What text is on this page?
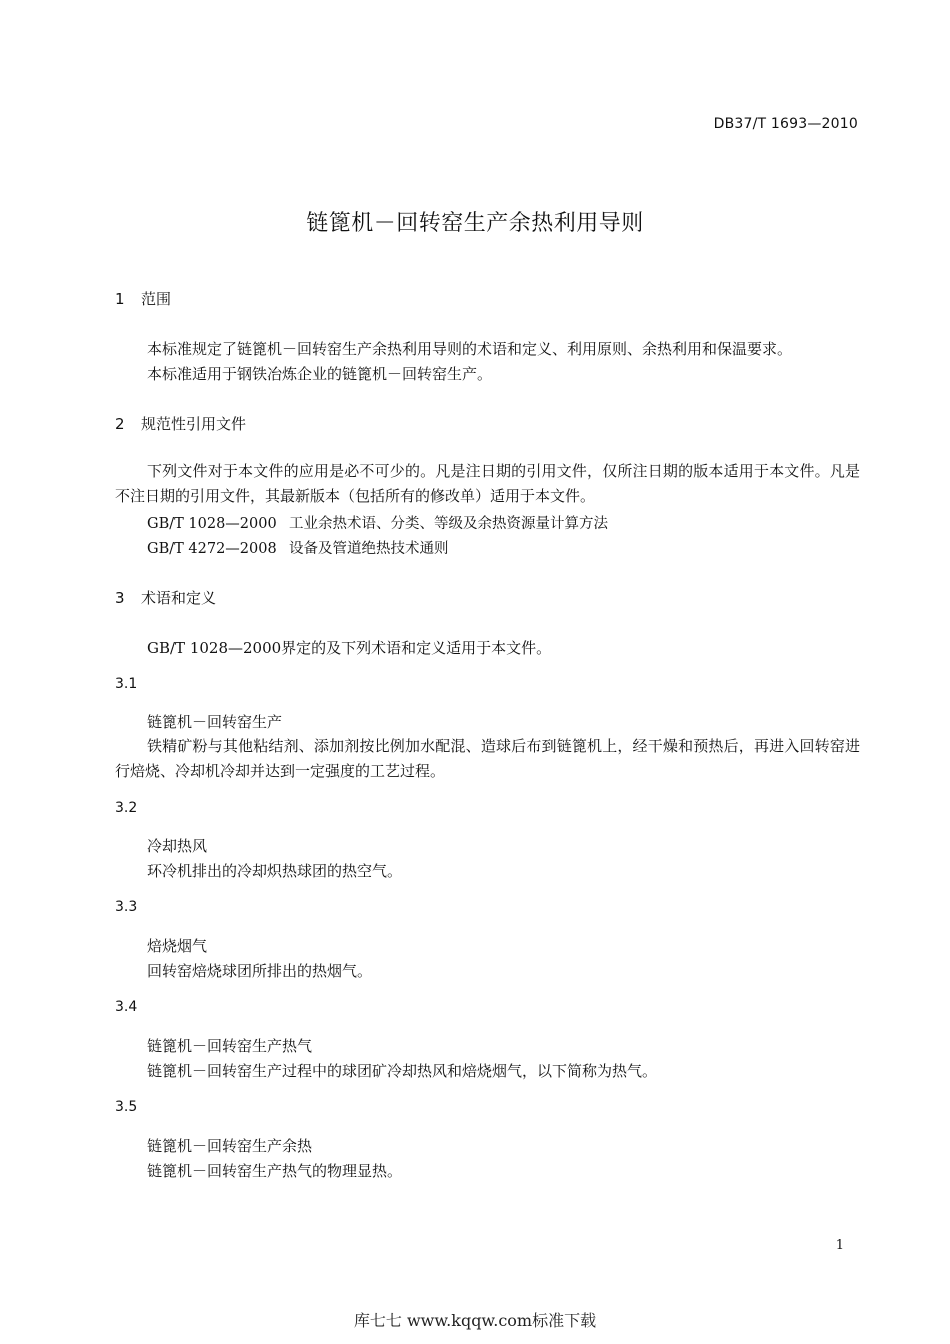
DB37/T 1693—2010
链篦机－回转窑生产余热利用导则
1 范围
本标准规定了链篦机－回转窑生产余热利用导则的术语和定义、利用原则、余热利用和保温要求。
本标准适用于钢铁冶炼企业的链篦机－回转窑生产。
2 规范性引用文件
下列文件对于本文件的应用是必不可少的。凡是注日期的引用文件，仅所注日期的版本适用于本文件。凡是不注日期的引用文件，其最新版本（包括所有的修改单）适用于本文件。
GB/T 1028—2000 工业余热术语、分类、等级及余热资源量计算方法
GB/T 4272—2008 设备及管道绝热技术通则
3 术语和定义
GB/T 1028—2000界定的及下列术语和定义适用于本文件。
3.1
链篦机－回转窑生产
铁精矿粉与其他粘结剂、添加剂按比例加水配混、造球后布到链篦机上，经干燥和预热后，再进入回转窑进行焙烧、冷却机冷却并达到一定强度的工艺过程。
3.2
冷却热风
环冷机排出的冷却炽热球团的热空气。
3.3
焙烧烟气
回转窑焙烧球团所排出的热烟气。
3.4
链篦机－回转窑生产热气
链篦机－回转窑生产过程中的球团矿冷却热风和焙烧烟气，以下简称为热气。
3.5
链篦机－回转窑生产余热
链篦机－回转窑生产热气的物理显热。
1
库七七 www.kqqw.com标准下载
